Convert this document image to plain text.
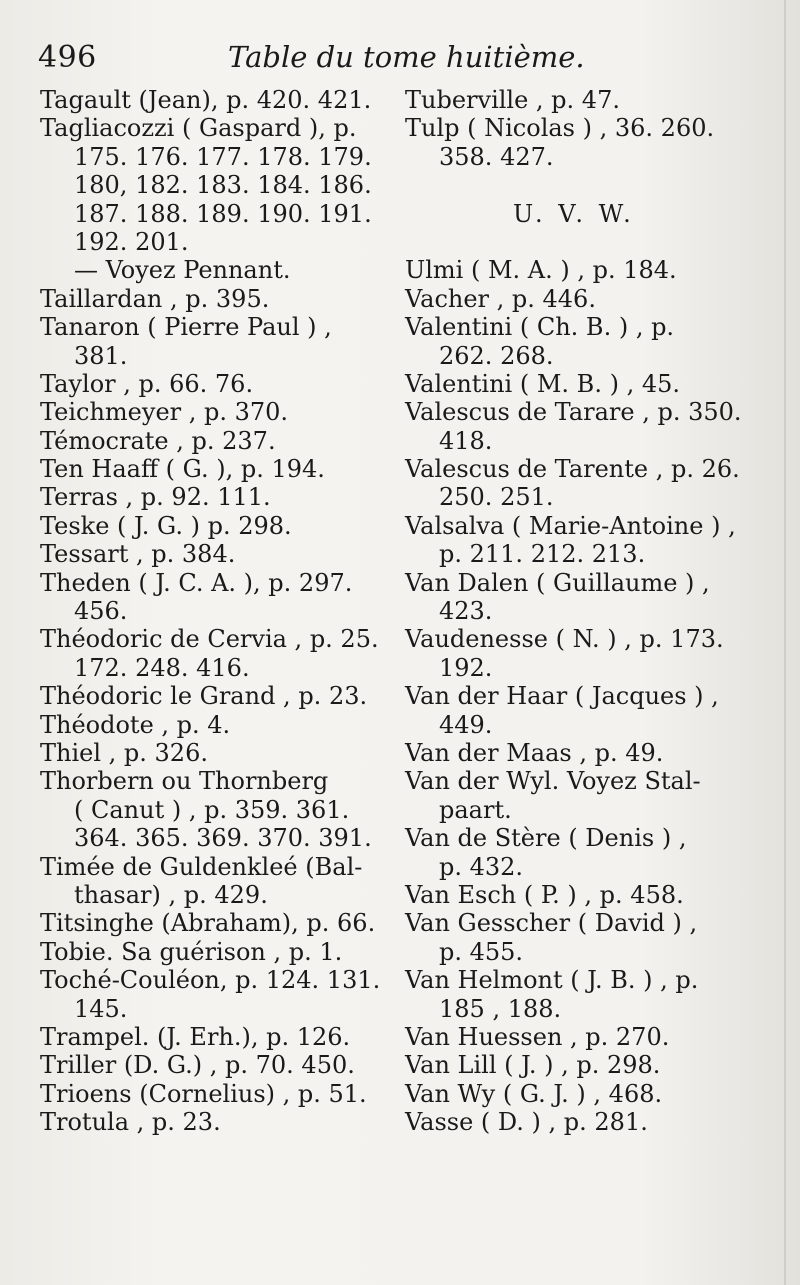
496	Table du tome huitième.
Tagault (Jean), p. 420. 421.
Tagliacozzi ( Gaspard ), p.
175. 176. 177. 178. 179.
180, 182. 183. 184. 186.
187. 188. 189. 190. 191.
192. 201.
— Voyez Pennant.
Taillardan , p. 395.
Tanaron ( Pierre Paul ) ,
381.
Taylor , p. 66. 76.
Teichmeyer , p. 370.
Témocrate , p. 237.
Ten Haaff ( G. ), p. 194.
Terras , p. 92. 111.
Teske ( J. G. ) p. 298.
Tessart , p. 384.
Theden ( J. C. A. ), p. 297.
456.
Théodoric de Cervia , p. 25.
172. 248. 416.
Théodoric le Grand , p. 23.
Théodote , p. 4.
Thiel , p. 326.
Thorbern ou Thornberg
( Canut ) , p. 359. 361.
364. 365. 369. 370. 391.
Timée de Guldenkleé (Bal-
thasar) , p. 429.
Titsinghe (Abraham), p. 66.
Tobie. Sa guérison , p. 1.
Toché-Couléon, p. 124. 131.
145.
Trampel. (J. Erh.), p. 126.
Triller (D. G.) , p. 70. 450.
Trioens (Cornelius) , p. 51.
Trotula , p. 23.
Tuberville , p. 47.
Tulp ( Nicolas ) , 36. 260.
358. 427.
U. V. W.
Ulmi ( M. A. ) , p. 184.
Vacher , p. 446.
Valentini ( Ch. B. ) , p.
262. 268.
Valentini ( M. B. ) , 45.
Valescus de Tarare , p. 350.
418.
Valescus de Tarente , p. 26.
250. 251.
Valsalva ( Marie-Antoine ) ,
p. 211. 212. 213.
Van Dalen ( Guillaume ) ,
423.
Vaudenesse ( N. ) , p. 173.
192.
Van der Haar ( Jacques ) ,
449.
Van der Maas , p. 49.
Van der Wyl. Voyez Stal-
paart.
Van de Stère ( Denis ) ,
p. 432.
Van Esch ( P. ) , p. 458.
Van Gesscher ( David ) ,
p. 455.
Van Helmont ( J. B. ) , p.
185 , 188.
Van Huessen , p. 270.
Van Lill ( J. ) , p. 298.
Van Wy ( G. J. ) , 468.
Vasse ( D. ) , p. 281.
